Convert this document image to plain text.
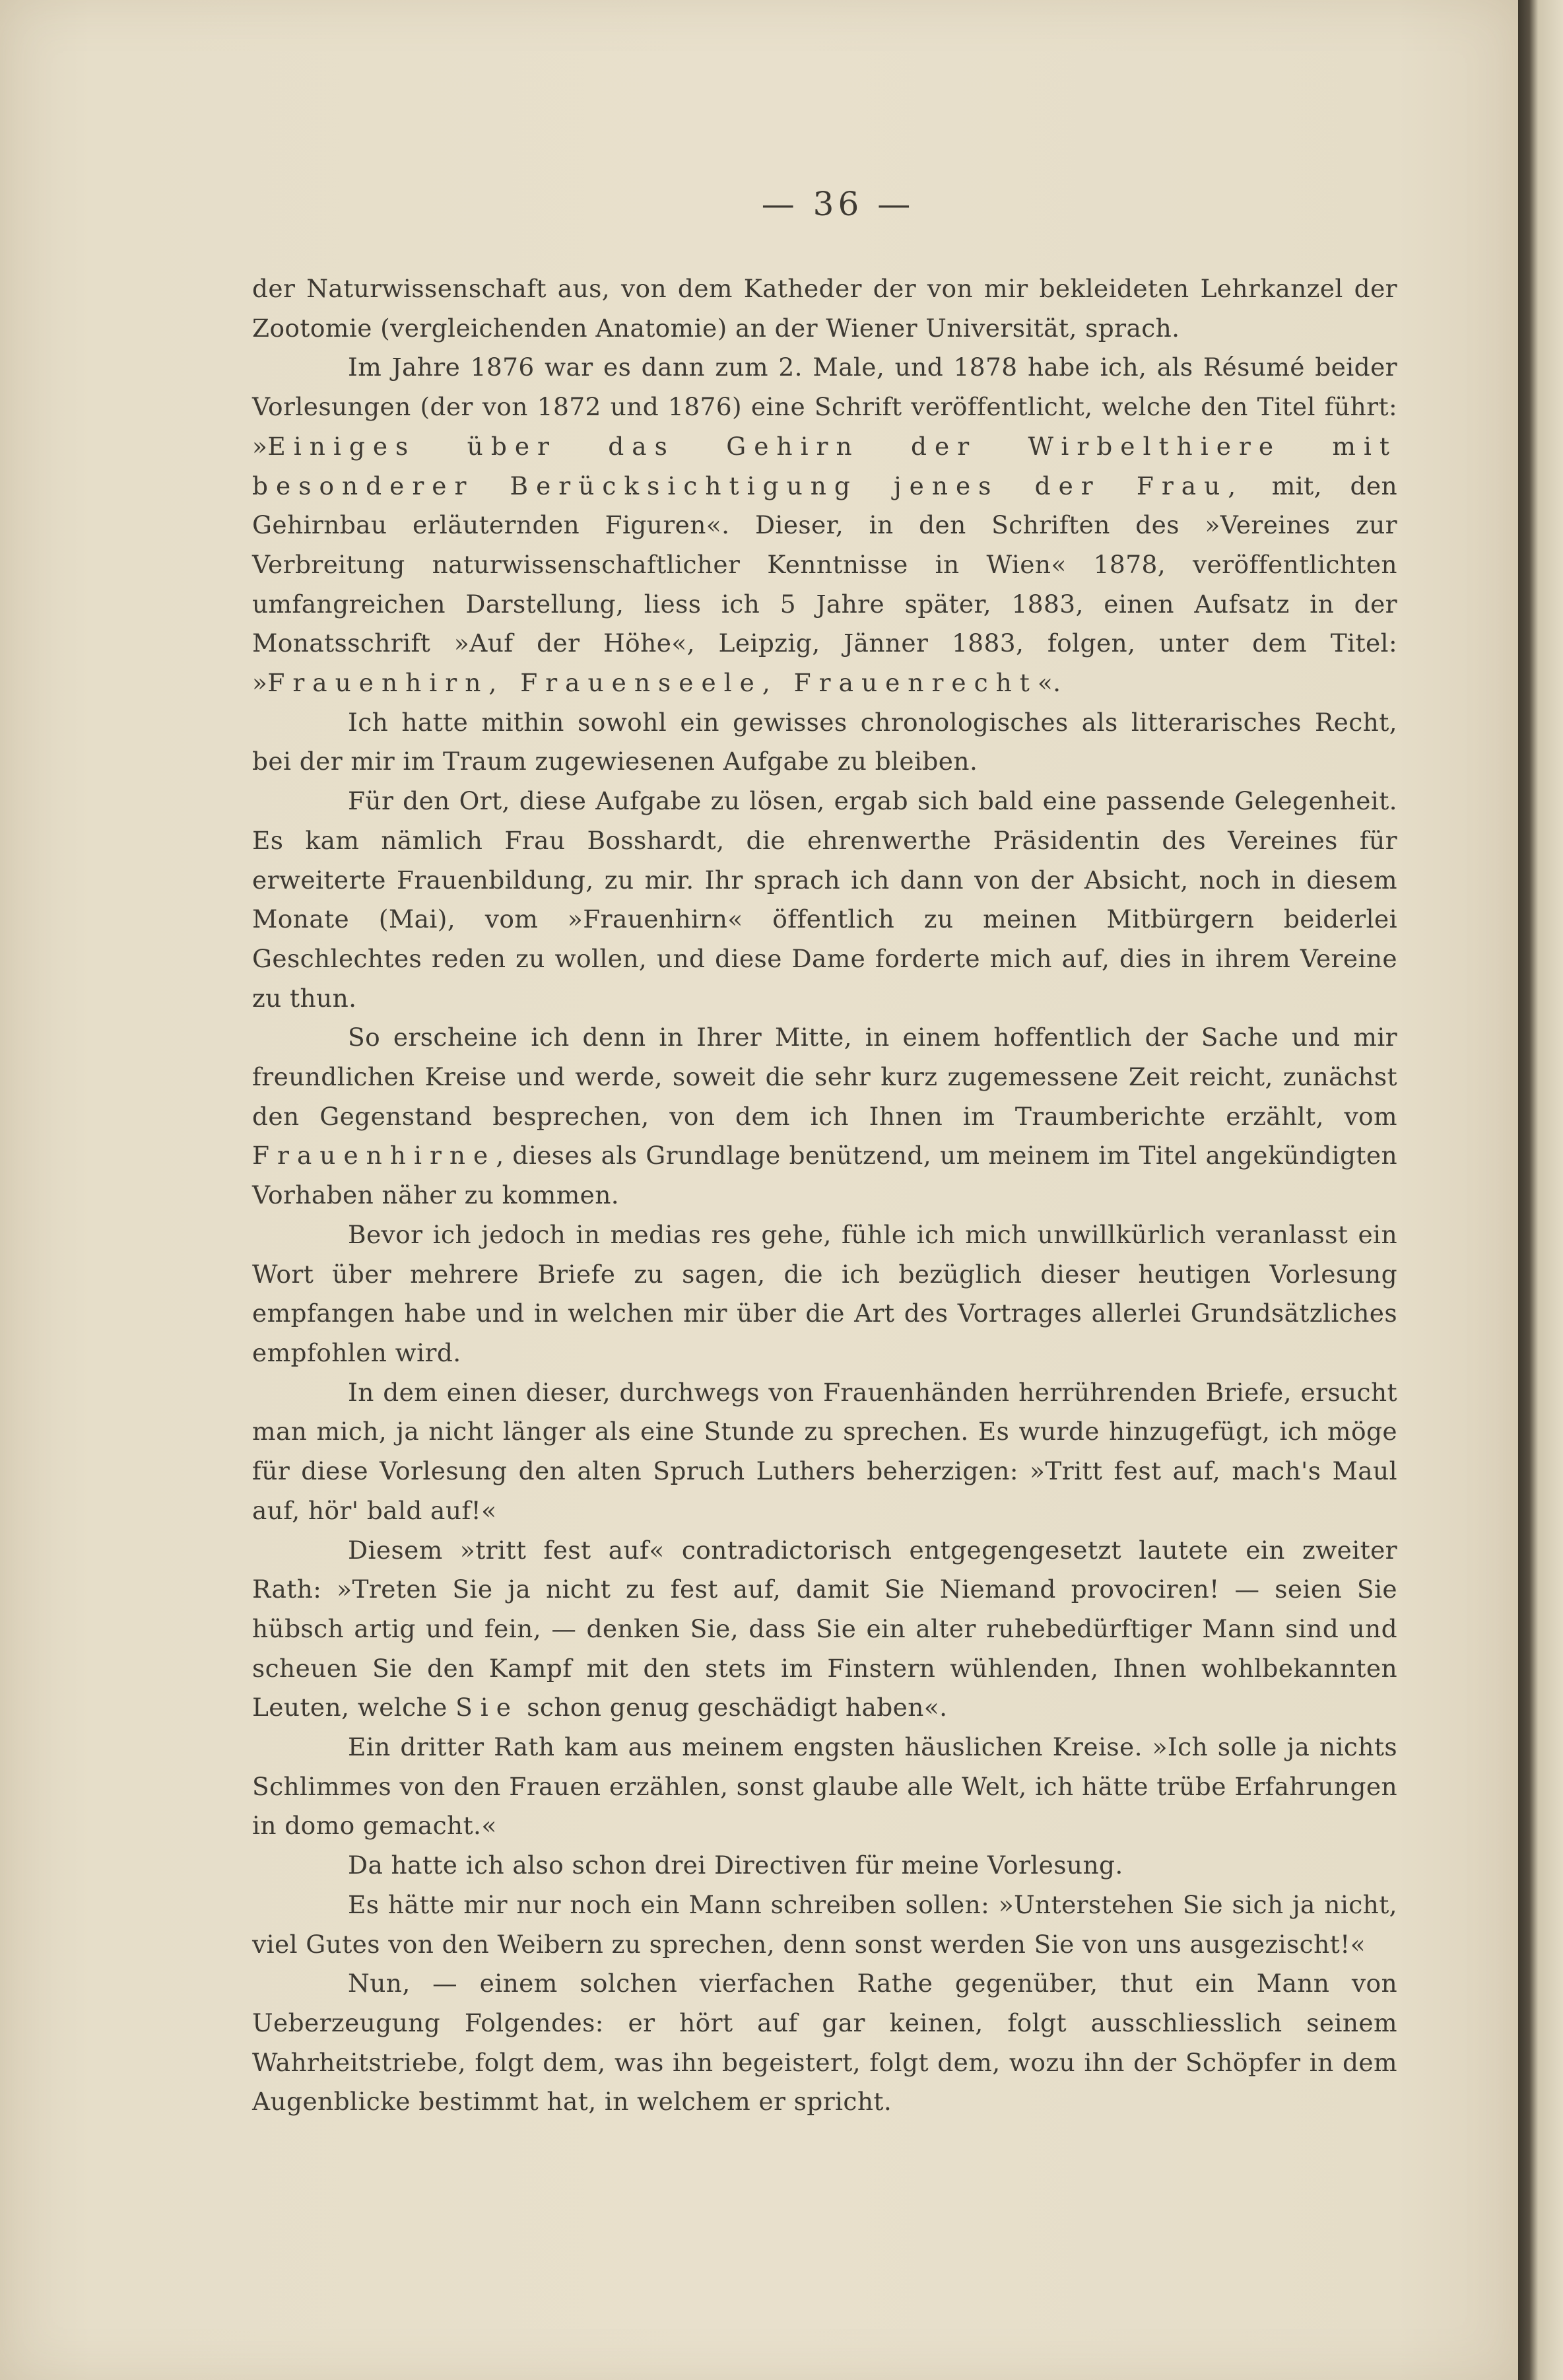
— 36 —

der Naturwissenschaft aus, von dem Katheder der von mir bekleideten Lehrkanzel der Zootomie (vergleichenden Anatomie) an der Wiener Universität, sprach.

Im Jahre 1876 war es dann zum 2. Male, und 1878 habe ich, als Résumé beider Vorlesungen (der von 1872 und 1876) eine Schrift veröffentlicht, welche den Titel führt: »Einiges über das Gehirn der Wirbelthiere mit besonderer Berücksichtigung jenes der Frau, mit, den Gehirnbau erläuternden Figuren«. Dieser, in den Schriften des »Vereines zur Verbreitung naturwissenschaftlicher Kenntnisse in Wien« 1878, veröffentlichten umfangreichen Darstellung, liess ich 5 Jahre später, 1883, einen Aufsatz in der Monatsschrift »Auf der Höhe«, Leipzig, Jänner 1883, folgen, unter dem Titel: »Frauenhirn, Frauenseele, Frauenrecht«.

Ich hatte mithin sowohl ein gewisses chronologisches als litterarisches Recht, bei der mir im Traum zugewiesenen Aufgabe zu bleiben.

Für den Ort, diese Aufgabe zu lösen, ergab sich bald eine passende Gelegenheit. Es kam nämlich Frau Bosshardt, die ehrenwerthe Präsidentin des Vereines für erweiterte Frauenbildung, zu mir. Ihr sprach ich dann von der Absicht, noch in diesem Monate (Mai), vom »Frauenhirn« öffentlich zu meinen Mitbürgern beiderlei Geschlechtes reden zu wollen, und diese Dame forderte mich auf, dies in ihrem Vereine zu thun.

So erscheine ich denn in Ihrer Mitte, in einem hoffentlich der Sache und mir freundlichen Kreise und werde, soweit die sehr kurz zugemessene Zeit reicht, zunächst den Gegenstand besprechen, von dem ich Ihnen im Traumberichte erzählt, vom Frauenhirne, dieses als Grundlage benützend, um meinem im Titel angekündigten Vorhaben näher zu kommen.

Bevor ich jedoch in medias res gehe, fühle ich mich unwillkürlich veranlasst ein Wort über mehrere Briefe zu sagen, die ich bezüglich dieser heutigen Vorlesung empfangen habe und in welchen mir über die Art des Vortrages allerlei Grundsätzliches empfohlen wird.

In dem einen dieser, durchwegs von Frauenhänden herrührenden Briefe, ersucht man mich, ja nicht länger als eine Stunde zu sprechen. Es wurde hinzugefügt, ich möge für diese Vorlesung den alten Spruch Luthers beherzigen: »Tritt fest auf, mach's Maul auf, hör' bald auf!«

Diesem »tritt fest auf« contradictorisch entgegengesetzt lautete ein zweiter Rath: »Treten Sie ja nicht zu fest auf, damit Sie Niemand provociren! — seien Sie hübsch artig und fein, — denken Sie, dass Sie ein alter ruhebedürftiger Mann sind und scheuen Sie den Kampf mit den stets im Finstern wühlenden, Ihnen wohlbekannten Leuten, welche Sie schon genug geschädigt haben«.

Ein dritter Rath kam aus meinem engsten häuslichen Kreise. »Ich solle ja nichts Schlimmes von den Frauen erzählen, sonst glaube alle Welt, ich hätte trübe Erfahrungen in domo gemacht.«

Da hatte ich also schon drei Directiven für meine Vorlesung.

Es hätte mir nur noch ein Mann schreiben sollen: »Unterstehen Sie sich ja nicht, viel Gutes von den Weibern zu sprechen, denn sonst werden Sie von uns ausgezischt!«

Nun, — einem solchen vierfachen Rathe gegenüber, thut ein Mann von Ueberzeugung Folgendes: er hört auf gar keinen, folgt ausschliesslich seinem Wahrheitstriebe, folgt dem, was ihn begeistert, folgt dem, wozu ihn der Schöpfer in dem Augenblicke bestimmt hat, in welchem er spricht.
